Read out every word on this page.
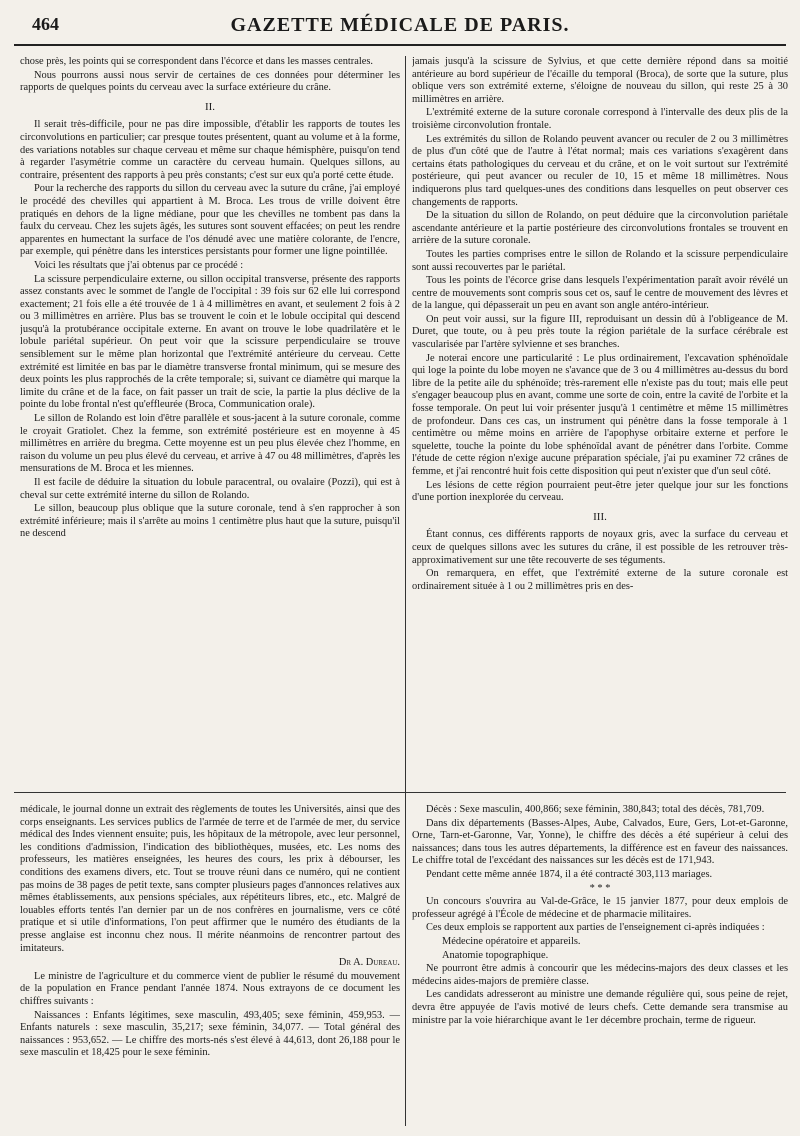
464	GAZETTE MÉDICALE DE PARIS.

chose près, les points qui se correspondent dans l'écorce et dans les masses centrales.

Nous pourrons aussi nous servir de certaines de ces données pour déterminer les rapports de quelques points du cerveau avec la surface extérieure du crâne.

II.

Il serait très-difficile, pour ne pas dire impossible, d'établir les rapports de toutes les circonvolutions en particulier; car presque toutes présentent, quant au volume et à la forme, des variations notables sur chaque cerveau et même sur chaque hémisphère, puisqu'on tend à regarder l'asymétrie comme un caractère du cerveau humain. Quelques sillons, au contraire, présentent des rapports à peu près constants; c'est sur eux qu'a porté cette étude.

Pour la recherche des rapports du sillon du cerveau avec la suture du crâne, j'ai employé le procédé des chevilles qui appartient à M. Broca. Les trous de vrille doivent être pratiqués en dehors de la ligne médiane, pour que les chevilles ne tombent pas dans la faulx du cerveau. Chez les sujets âgés, les sutures sont souvent effacées; on peut les rendre apparentes en humectant la surface de l'os dénudé avec une matière colorante, de l'encre, par exemple, qui pénètre dans les interstices persistants pour former une ligne pointillée.

Voici les résultats que j'ai obtenus par ce procédé :

La scissure perpendiculaire externe, ou sillon occipital transverse, présente des rapports assez constants avec le sommet de l'angle de l'occipital : 39 fois sur 62 elle lui correspond exactement; 21 fois elle a été trouvée de 1 à 4 millimètres en avant, et seulement 2 fois à 2 ou 3 millimètres en arrière. Plus bas se trouvent le coin et le lobule occipital qui descend jusqu'à la protubérance occipitale externe. En avant on trouve le lobe quadrilatère et le lobule pariétal supérieur. On peut voir que la scissure perpendiculaire se trouve sensiblement sur le même plan horizontal que l'extrémité antérieure du cerveau. Cette extrémité est limitée en bas par le diamètre transverse frontal minimum, qui se mesure des deux points les plus rapprochés de la crête temporale; si, suivant ce diamètre qui marque la limite du crâne et de la face, on fait passer un trait de scie, la partie la plus déclive de la pointe du lobe frontal n'est qu'effleurée (Broca, Communication orale).

Le sillon de Rolando est loin d'être parallèle et sous-jacent à la suture coronale, comme le croyait Gratiolet. Chez la femme, son extrémité postérieure est en moyenne à 45 millimètres en arrière du bregma. Cette moyenne est un peu plus élevée chez l'homme, en raison du volume un peu plus élevé du cerveau, et arrive à 47 ou 48 millimètres, d'après les mensurations de M. Broca et les miennes.

Il est facile de déduire la situation du lobule paracentral, ou ovalaire (Pozzi), qui est à cheval sur cette extrémité interne du sillon de Rolando.

Le sillon, beaucoup plus oblique que la suture coronale, tend à s'en rapprocher à son extrémité inférieure; mais il s'arrête au moins 1 centimètre plus haut que la suture, puisqu'il ne descend

jamais jusqu'à la scissure de Sylvius, et que cette dernière répond dans sa moitié antérieure au bord supérieur de l'écaille du temporal (Broca), de sorte que la suture, plus oblique vers son extrémité externe, s'éloigne de nouveau du sillon, qui reste 25 à 30 millimètres en arrière.

L'extrémité externe de la suture coronale correspond à l'intervalle des deux plis de la troisième circonvolution frontale.

Les extrémités du sillon de Rolando peuvent avancer ou reculer de 2 ou 3 millimètres de plus d'un côté que de l'autre à l'état normal; mais ces variations s'exagèrent dans certains états pathologiques du cerveau et du crâne, et on le voit surtout sur l'extrémité postérieure, qui peut avancer ou reculer de 10, 15 et même 18 millimètres. Nous indiquerons plus tard quelques-unes des conditions dans lesquelles on peut observer ces changements de rapports.

De la situation du sillon de Rolando, on peut déduire que la circonvolution pariétale ascendante antérieure et la partie postérieure des circonvolutions frontales se trouvent en arrière de la suture coronale.

Toutes les parties comprises entre le sillon de Rolando et la scissure perpendiculaire sont aussi recouvertes par le pariétal.

Tous les points de l'écorce grise dans lesquels l'expérimentation paraît avoir révélé un centre de mouvements sont compris sous cet os, sauf le centre de mouvement des lèvres et de la langue, qui dépasserait un peu en avant son angle antéro-intérieur.

On peut voir aussi, sur la figure III, reproduisant un dessin dû à l'obligeance de M. Duret, que toute, ou à peu près toute la région pariétale de la surface cérébrale est vascularisée par l'artère sylvienne et ses branches.

Je noterai encore une particularité : Le plus ordinairement, l'excavation sphénoïdale qui loge la pointe du lobe moyen ne s'avance que de 3 ou 4 millimètres au-dessus du bord libre de la petite aile du sphénoïde; très-rarement elle n'existe pas du tout; mais elle peut s'engager beaucoup plus en avant, comme une sorte de coin, entre la cavité de l'orbite et la fosse temporale. On peut lui voir présenter jusqu'à 1 centimètre et même 15 millimètres de profondeur. Dans ces cas, un instrument qui pénètre dans la fosse temporale à 1 centimètre ou même moins en arrière de l'apophyse orbitaire externe et perfore le squelette, touche la pointe du lobe sphénoïdal avant de pénétrer dans l'orbite. Comme l'étude de cette région n'exige aucune préparation spéciale, j'ai pu examiner 72 crânes de femme, et j'ai rencontré huit fois cette disposition qui peut n'exister que d'un seul côté.

Les lésions de cette région pourraient peut-être jeter quelque jour sur les fonctions d'une portion inexplorée du cerveau.

III.

Étant connus, ces différents rapports de noyaux gris, avec la surface du cerveau et ceux de quelques sillons avec les sutures du crâne, il est possible de les retrouver très-approximativement sur une tête recouverte de ses téguments.

On remarquera, en effet, que l'extrémité externe de la suture coronale est ordinairement située à 1 ou 2 millimètres pris en des-

médicale, le journal donne un extrait des règlements de toutes les Universités, ainsi que des corps enseignants. Les services publics de l'armée de terre et de l'armée de mer, du service médical des Indes viennent ensuite; puis, les hôpitaux de la métropole, avec leur personnel, les conditions d'admission, l'indication des bibliothèques, musées, etc. Les noms des professeurs, les matières enseignées, les heures des cours, les prix à débourser, les conditions des examens divers, etc. Tout se trouve réuni dans ce numéro, qui ne contient pas moins de 38 pages de petit texte, sans compter plusieurs pages d'annonces relatives aux mêmes établissements, aux pensions spéciales, aux répétiteurs libres, etc., etc. Malgré de louables efforts tentés l'an dernier par un de nos confrères en journalisme, vers ce côté pratique et si utile d'informations, l'on peut affirmer que le numéro des étudiants de la presse anglaise est inconnu chez nous. Il mérite néanmoins de rencontrer partout des imitateurs.

Dr A. Dureau.

Le ministre de l'agriculture et du commerce vient de publier le résumé du mouvement de la population en France pendant l'année 1874. Nous extrayons de ce document les chiffres suivants :

Naissances : Enfants légitimes, sexe masculin, 493,405; sexe féminin, 459,953. — Enfants naturels : sexe masculin, 35,217; sexe féminin, 34,077. — Total général des naissances : 953,652. — Le chiffre des morts-nés s'est élevé à 44,613, dont 26,188 pour le sexe masculin et 18,425 pour le sexe féminin.

Décès : Sexe masculin, 400,866; sexe féminin, 380,843; total des décès, 781,709.

Dans dix départements (Basses-Alpes, Aube, Calvados, Eure, Gers, Lot-et-Garonne, Orne, Tarn-et-Garonne, Var, Yonne), le chiffre des décès a été supérieur à celui des naissances; dans tous les autres départements, la différence est en faveur des naissances. Le chiffre total de l'excédant des naissances sur les décès est de 171,943.

Pendant cette même année 1874, il a été contracté 303,113 mariages.

* * *

Un concours s'ouvrira au Val-de-Grâce, le 15 janvier 1877, pour deux emplois de professeur agrégé à l'École de médecine et de pharmacie militaires.

Ces deux emplois se rapportent aux parties de l'enseignement ci-après indiquées :

Médecine opératoire et appareils.

Anatomie topographique.

Ne pourront être admis à concourir que les médecins-majors des deux classes et les médecins aides-majors de première classe.

Les candidats adresseront au ministre une demande régulière qui, sous peine de rejet, devra être appuyée de l'avis motivé de leurs chefs. Cette demande sera transmise au ministre par la voie hiérarchique avant le 1er décembre prochain, terme de rigueur.
